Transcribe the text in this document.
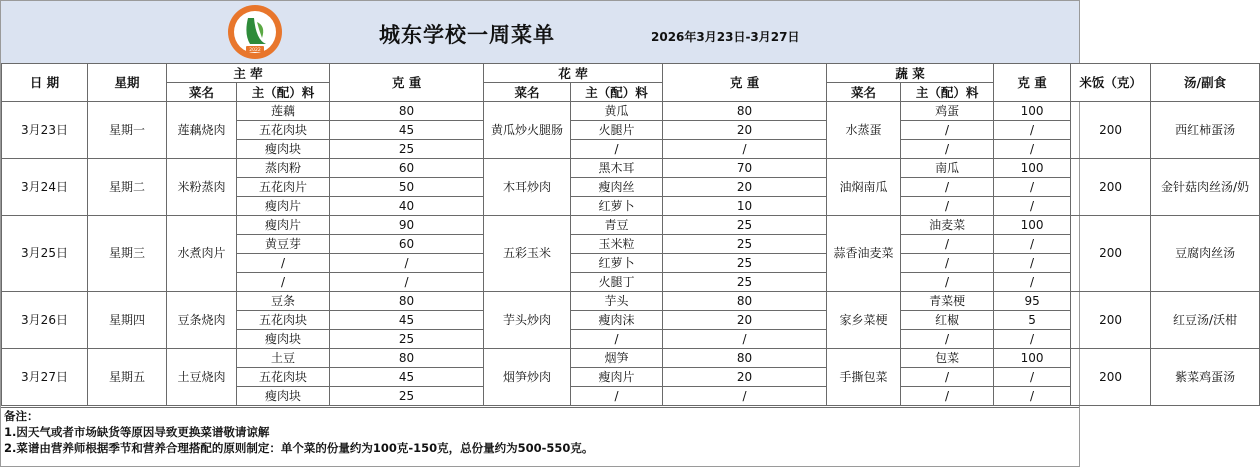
2022
城东学校一周菜单	2026年3月23日-3月27日
日 期	星期	主 荦		克 重	花 荦		克 重	蔬 菜		克 重	米饭（克）	汤/副食
		菜名	主（配）料		菜名	主（配）料		菜名	主（配）料			
3月23日	星期一	莲藕烧肉	莲藕	80	黄瓜炒火腿肠	黄瓜	80	水蒸蛋	鸡蛋	100	200	西红柿蛋汤
			五花肉块	45		火腿片	20		/	/		
			瘦肉块	25		/	/		/	/		
3月24日	星期二	米粉蒸肉	蒸肉粉	60	木耳炒肉	黑木耳	70	油焖南瓜	南瓜	100	200	金针菇肉丝汤/奶
			五花肉片	50		瘦肉丝	20		/	/		
			瘦肉片	40		红萝卜	10		/	/		
3月25日	星期三	水煮肉片	瘦肉片	90	五彩玉米	青豆	25	蒜香油麦菜	油麦菜	100	200	豆腐肉丝汤
			黄豆芽	60		玉米粒	25		/	/		
			/	/		红萝卜	25		/	/		
			/	/		火腿丁	25		/	/		
3月26日	星期四	豆条烧肉	豆条	80	芋头炒肉	芋头	80	家乡菜梗	青菜梗	95	200	红豆汤/沃柑
			五花肉块	45		瘦肉沫	20		红椒	5		
			瘦肉块	25		/	/		/	/		
3月27日	星期五	土豆烧肉	土豆	80	烟笋炒肉	烟笋	80	手撕包菜	包菜	100	200	紫菜鸡蛋汤
			五花肉块	45		瘦肉片	20		/	/		
			瘦肉块	25		/	/		/	/		
备注：
1.因天气或者市场缺货等原因导致更换菜谱敬请谅解
2.菜谱由营养师根据季节和营养合理搭配的原则制定：单个菜的份量约为100克-150克，总份量约为500-550克。
